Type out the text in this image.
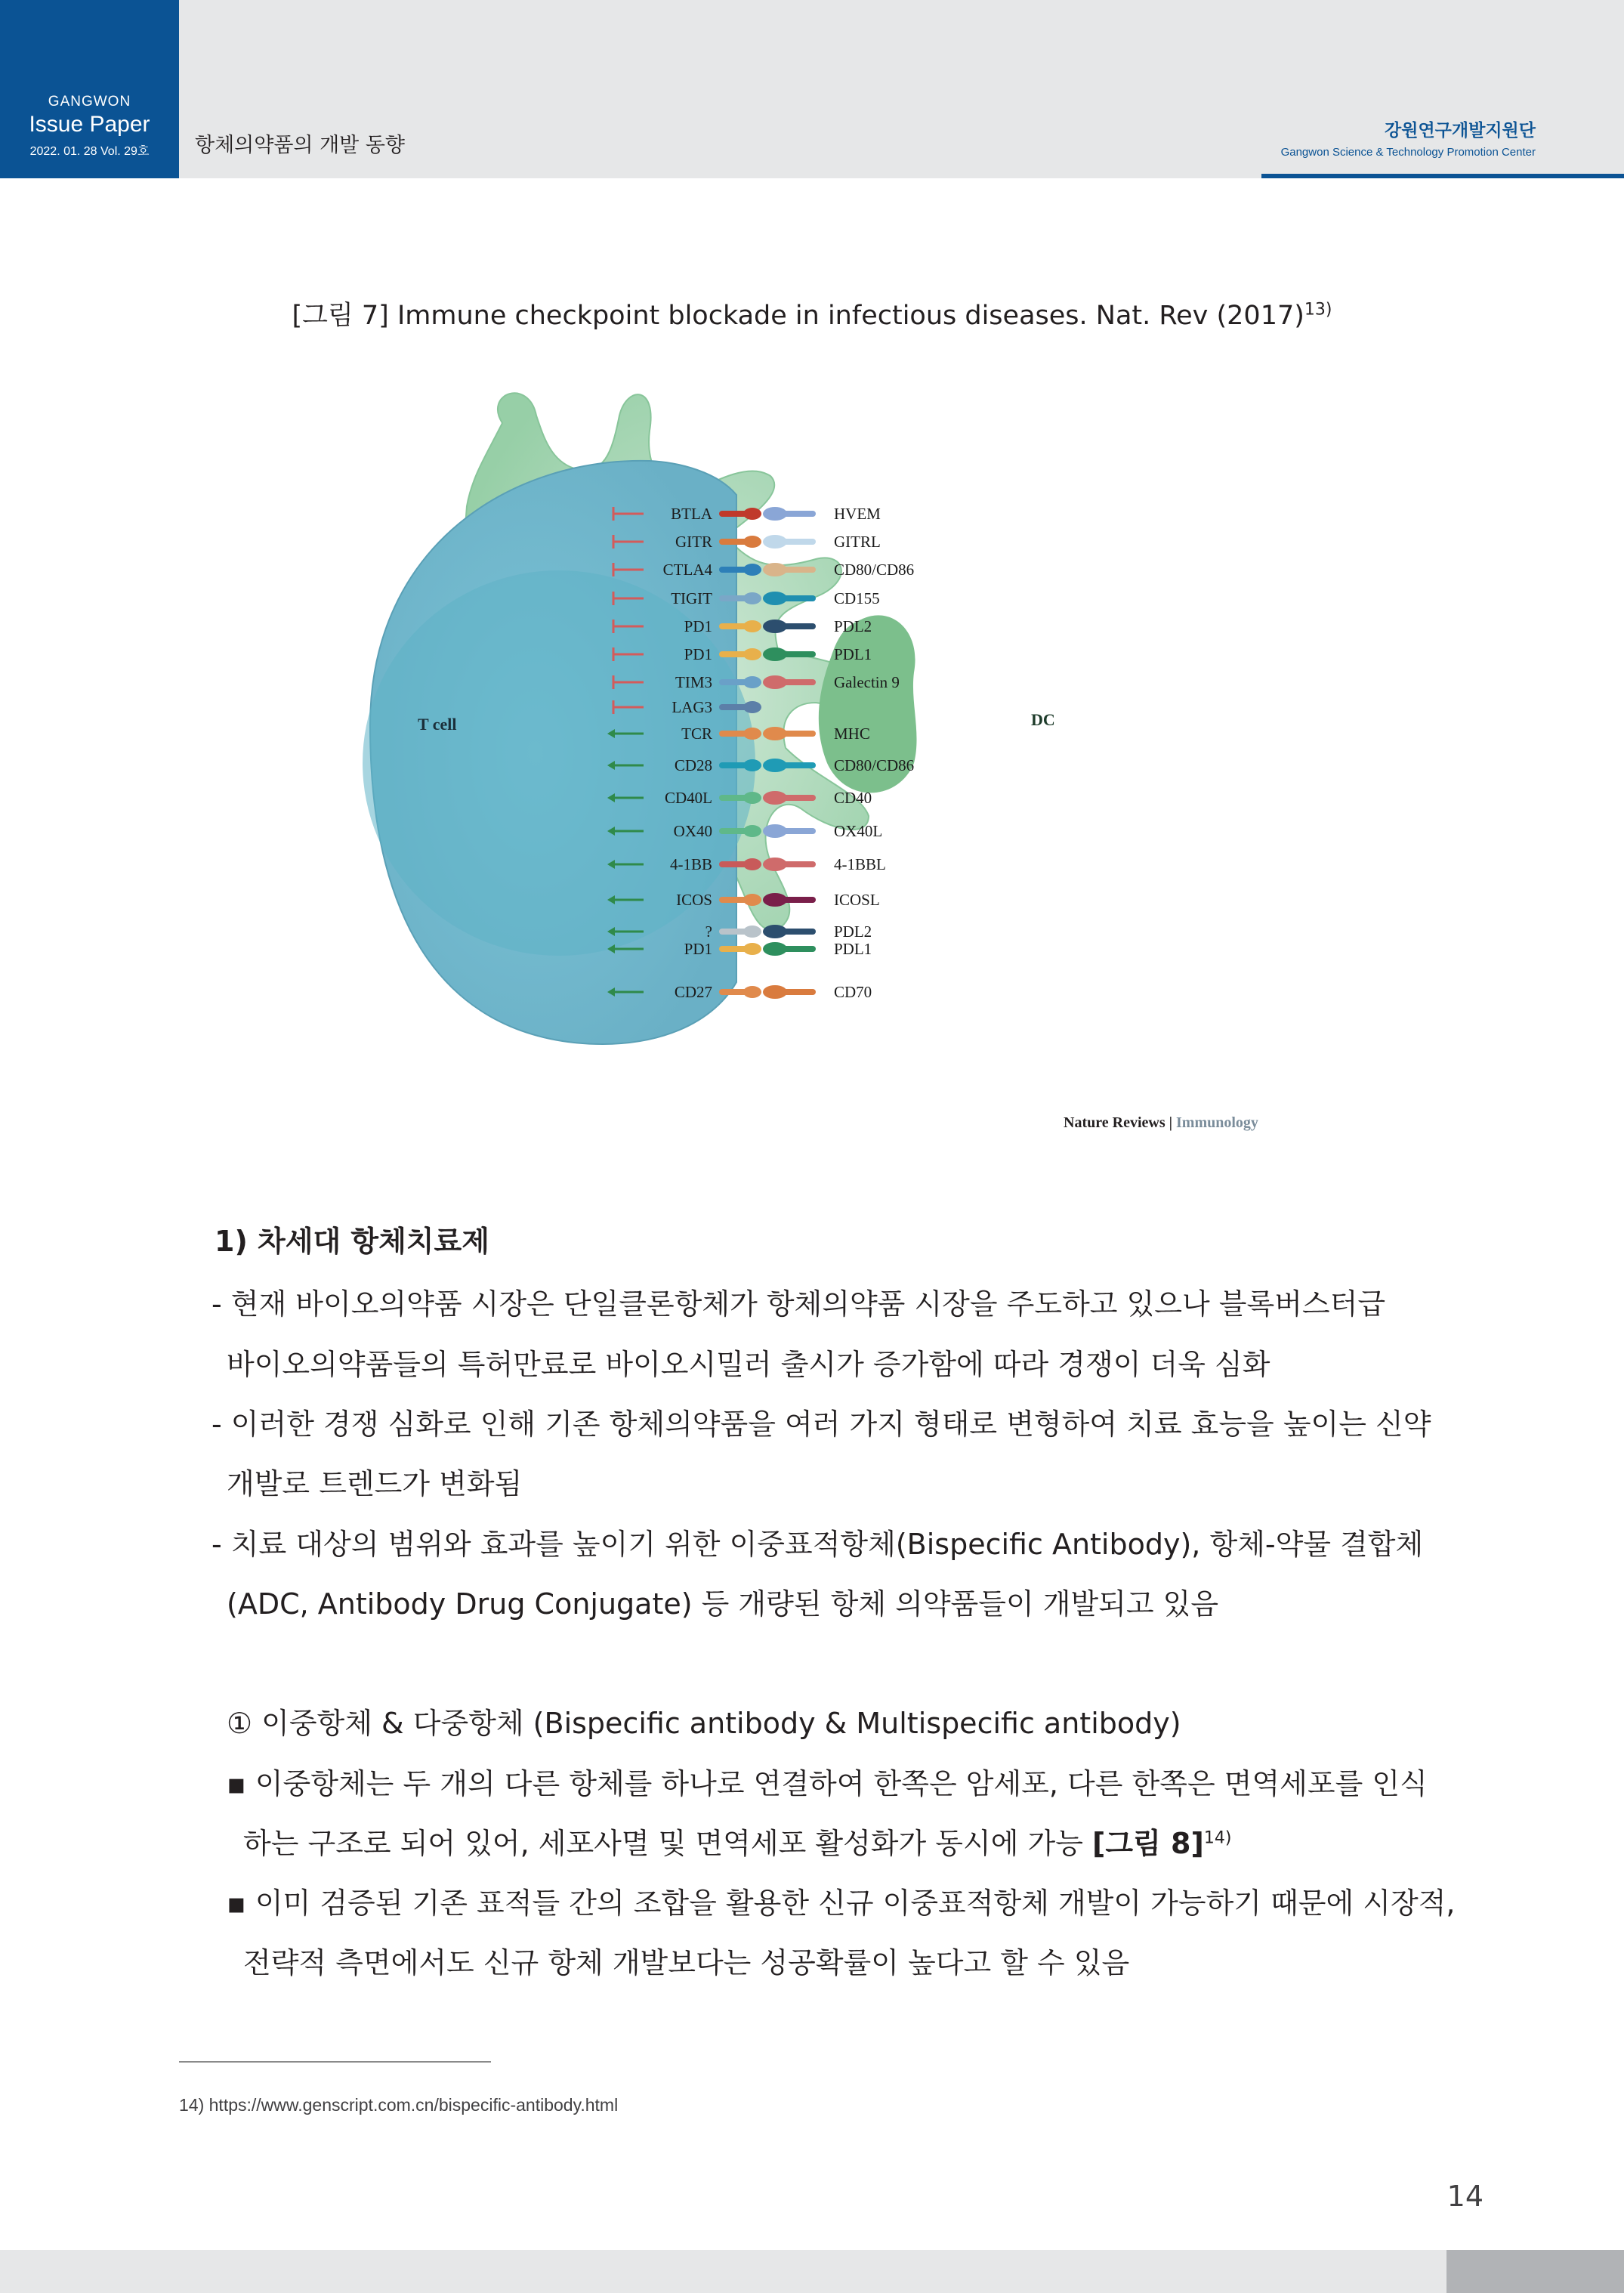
GANGWON
Issue Paper
2022. 01. 28 Vol. 29호	항체의약품의 개발 동향
강원연구개발지원단
Gangwon Science & Technology Promotion Center
[그림 7] Immune checkpoint blockade in infectious diseases. Nat. Rev $(2017)^{13)}$
DC
T cell
BTLA
GITR
CTLA4
TIGIT
PD1
PD1
TIM3
LAG3
TCR
CD28
CD40L
OX40
4-1BB
ICOS
?
PD1
CD27
HVEM
GITRL
CD80/CD86
CD155
PDL2
PDL1
Galectin 9
MHC
CD80/CD86
CD40
OX40L
4-1BBL
ICOSL
PDL2
PDL1
CD70
Nature Reviews | Immunology
1) 차세대 항체치료제
- 현재 바이오의약품 시장은 단일클론항체가 항체의약품 시장을 주도하고 있으나 블록버스터급
바이오의약품들의 특허만료로 바이오시밀러 출시가 증가함에 따라 경쟁이 더욱 심화
- 이러한 경쟁 심화로 인해 기존 항체의약품을 여러 가지 형태로 변형하여 치료 효능을 높이는 신약
개발로 트렌드가 변화됨
- 치료 대상의 범위와 효과를 높이기 위한 이중표적항체(Bispecific Antibody), 항체-약물 결합체
(ADC, Antibody Drug Conjugate) 등 개량된 항체 의약품들이 개발되고 있음
① 이중항체 & 다중항체 (Bispecific antibody & Multispecific antibody)
▪ 이중항체는 두 개의 다른 항체를 하나로 연결하여 한쪽은 암세포, 다른 한쪽은 면역세포를 인식
하는 구조로 되어 있어, 세포사멸 및 면역세포 활성화가 동시에 가능 [그림 8]$^{14)}$
▪ 이미 검증된 기존 표적들 간의 조합을 활용한 신규 이중표적항체 개발이 가능하기 때문에 시장적,
전략적 측면에서도 신규 항체 개발보다는 성공확률이 높다고 할 수 있음
14) https://www.genscript.com.cn/bispecific-antibody.html
14
